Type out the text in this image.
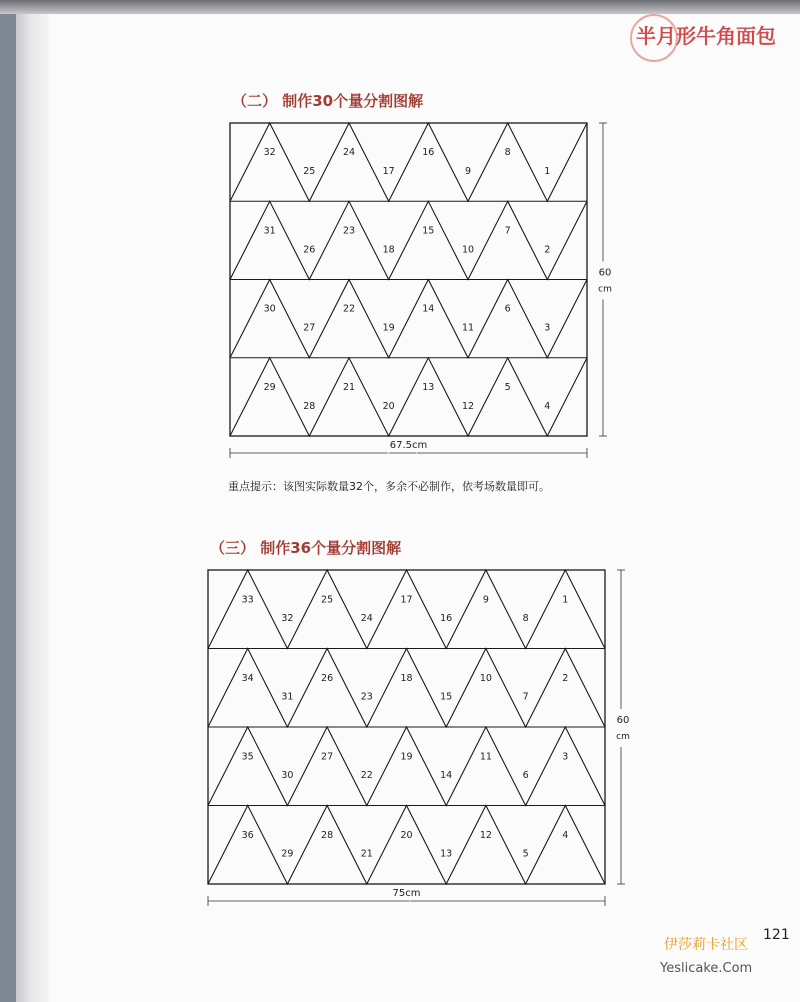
半月形牛角面包
（二） 制作30个量分割图解
32
25
24
17
16
9
8
1
31
26
23
18
15
10
7
2
30
27
22
19
14
11
6
3
29
28
21
20
13
12
5
4
67.5cm
60
cm
重点提示：该图实际数量32个，多余不必制作，依考场数量即可。
（三） 制作36个量分割图解
33
32
25
24
17
16
9
8
1
34
31
26
23
18
15
10
7
2
35
30
27
22
19
14
11
6
3
36
29
28
21
20
13
12
5
4
75cm
60
cm
121
伊莎莉卡社区
Yeslicake.Com
